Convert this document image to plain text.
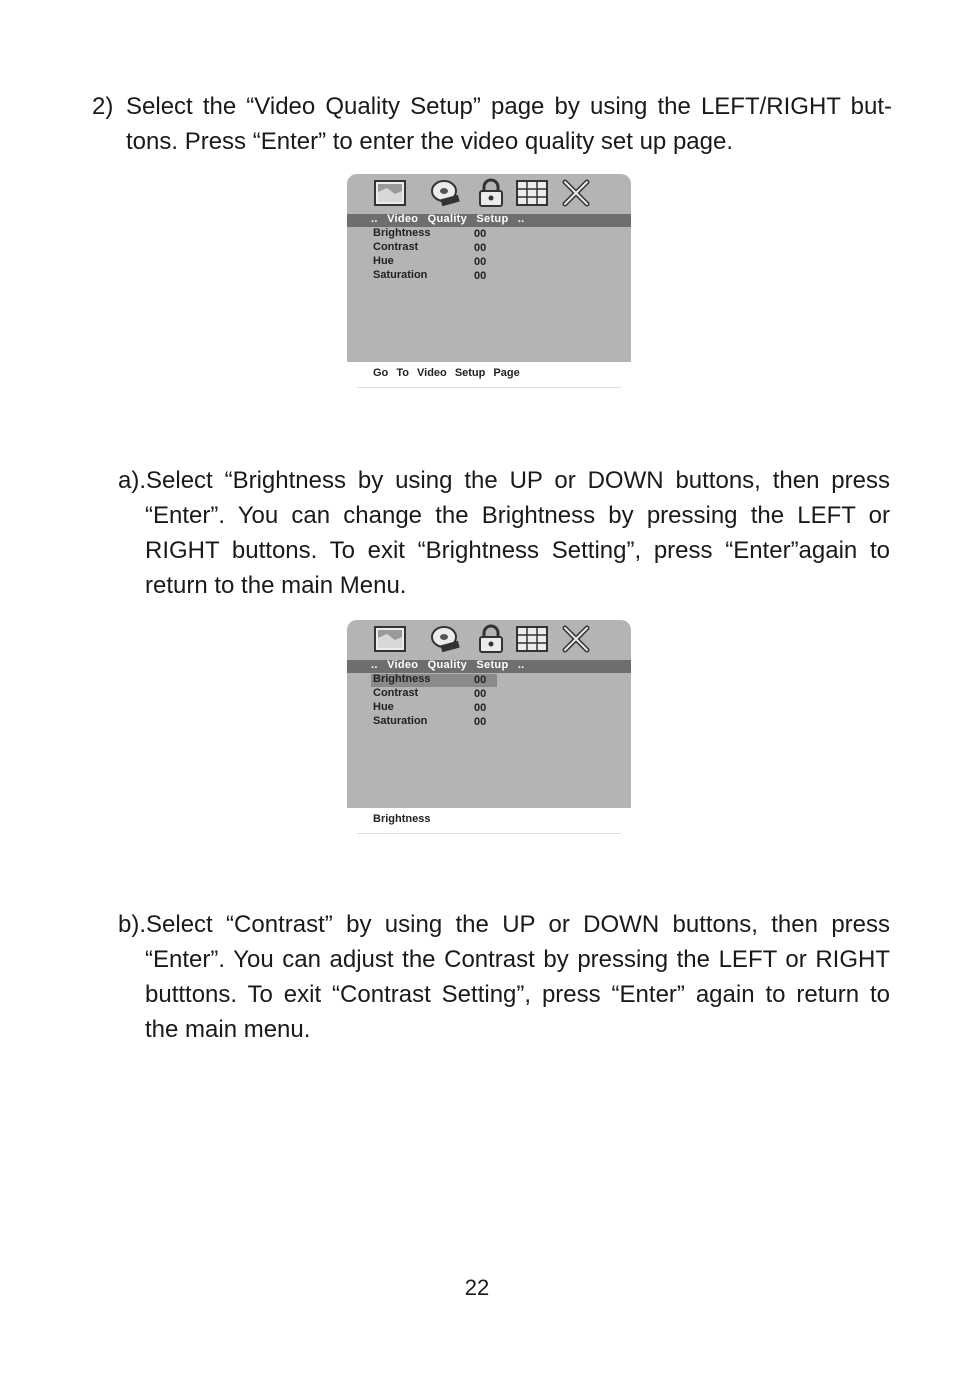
2) Select the “Video Quality Setup” page by using the LEFT/RIGHT but-
tons. Press “Enter” to enter the video quality set up page.
.. Video Quality Setup ..
Brightness	00
Contrast	00
Hue	00
Saturation	00
Go To Video Setup Page
a).Select “Brightness by using the UP or DOWN buttons, then press
“Enter”. You can change the Brightness by pressing the LEFT or
RIGHT buttons. To exit “Brightness Setting”, press “Enter”again to
return to the main Menu.
.. Video Quality Setup ..
Brightness	00
Contrast	00
Hue	00
Saturation	00
Brightness
b).Select “Contrast” by using the UP or DOWN buttons, then press
“Enter”. You can adjust the Contrast by pressing the LEFT or RIGHT
butttons. To exit “Contrast Setting”, press “Enter” again to return to
the main menu.
22
